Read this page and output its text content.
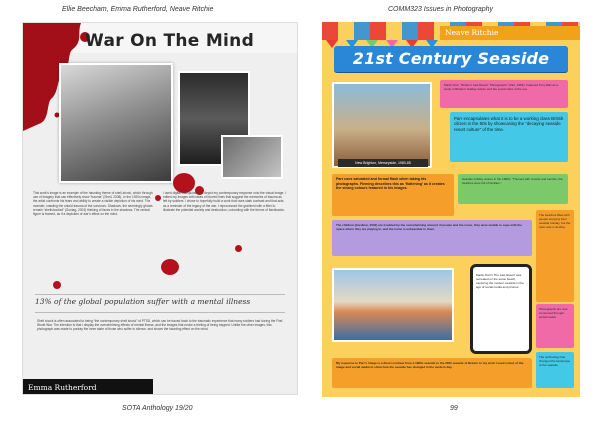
Ellie Beecham, Emma Rutherford, Neave Ritchie	COMM323 Issues in Photography
War On The Mind
This work's image is an example of the haunting theme of shell-shock, which through use of imagery that can effectively show “trauma” (Shell, 2008). In the 1920s image, the artist confronts his fears and ability to create a visible depiction of his mind. The monster, crawling the untold trauma of the survivors. Shadows, the seemingly ghosts remain “shellshocked” (Sontag, 2003) thinking of faces in the shadows. The central figure is framed, as if a depiction of war’s effect on the mind.
I used digital manipulation to depict my contemporary response onto the visual image. I edited my images with ideas of blurred lines that suggest the memories of trauma as felt by soldiers. I chose to hopefully build a work that uses stark contrast and that acts as a reminder of the legacy of the war. I reprocessed the grainient with a filter to illustrate the potential anxiety and destruction, coinciding with the theme of flashbacks.
13% of the global population suffer with a mental illness
Shell shock is often associated to being “the contemporary shell shock” of PTSD, which can be traced back to the traumatic experience that many soldiers had during the First World War. The intention is that I display the overwhelming effects of mental illness, and the images that evoke a feeling of being trapped. Unlike the other images, this photograph was made to portray the inner state of those who suffer in silence, and shows the haunting effect on the mind.
Emma Rutherford
Neave Ritchie
21st Century Seaside
New Brighton, Merseyside, 1983-85
Martin Parr, “Britain's Last Resort: Photographs” (Parr, 1986). Featured Tony Ellis as a study of Britain's holiday culture and the social class of the era.
Parr encapsulates what it is to be a working class British citizen in the 80s by showcasing the “decaying seaside resort culture” of the time.
Parr uses saturated and formal flash when taking his photographs. Fleming describes this as ‘flattening’ as it creates the strong colours featured in his images.
Seaside holiday culture in the 1980s: “Themed with crowds and tourists, the beaches were full of families.”
The children (Gardiner, 2002) are troubled by the overwhelming amount of people and the noise, they were unable to cope with the space where they are playing in, and the noise is unbearable to them.
The beaches filled with people enjoying their seaside holiday, but the town was in decline.
Martin Parr's The Last Resort was recreated on the same beach, capturing the modern seaside in the age of social media and phones.
Photographs are now consumed through social media.
My response to Parr's image is a direct contrast from a 1980s seaside to the 2020 seaside of Britain. In my work I used colour of the image and social media to show how the seaside has changed in the modern day.
The technology has changed the landscape of the seaside.
SOTA Anthology 19/20	99
